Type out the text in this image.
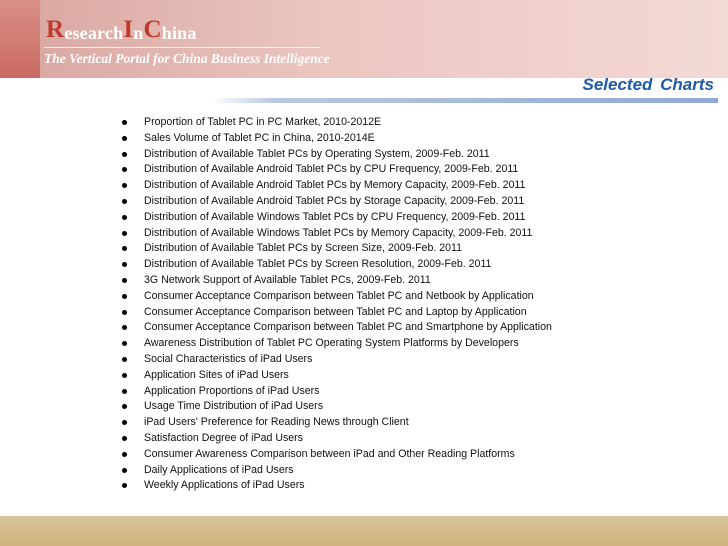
R esearch I n C hina
The Vertical Portal for China Business Intelligence
Selected Charts
Proportion of Tablet PC in PC Market, 2010-2012E
Sales Volume of Tablet PC in China, 2010-2014E
Distribution of Available Tablet PCs by Operating System, 2009-Feb. 2011
Distribution of Available Android Tablet PCs by CPU Frequency, 2009-Feb. 2011
Distribution of Available Android Tablet PCs by Memory Capacity, 2009-Feb. 2011
Distribution of Available Android Tablet PCs by Storage Capacity, 2009-Feb. 2011
Distribution of Available Windows Tablet PCs by CPU Frequency, 2009-Feb. 2011
Distribution of Available Windows Tablet PCs by Memory Capacity, 2009-Feb. 2011
Distribution of Available Tablet PCs by Screen Size, 2009-Feb. 2011
Distribution of Available Tablet PCs by Screen Resolution, 2009-Feb. 2011
3G Network Support of Available Tablet PCs, 2009-Feb. 2011
Consumer Acceptance Comparison between Tablet PC and Netbook by Application
Consumer Acceptance Comparison between Tablet PC and Laptop by Application
Consumer Acceptance Comparison between Tablet PC and Smartphone by Application
Awareness Distribution of Tablet PC Operating System Platforms by Developers
Social Characteristics of iPad Users
Application Sites of iPad Users
Application Proportions of iPad Users
Usage Time Distribution of iPad Users
iPad Users' Preference for Reading News through Client
Satisfaction Degree of iPad Users
Consumer Awareness Comparison between iPad and Other Reading Platforms
Daily Applications of iPad Users
Weekly Applications of iPad Users
